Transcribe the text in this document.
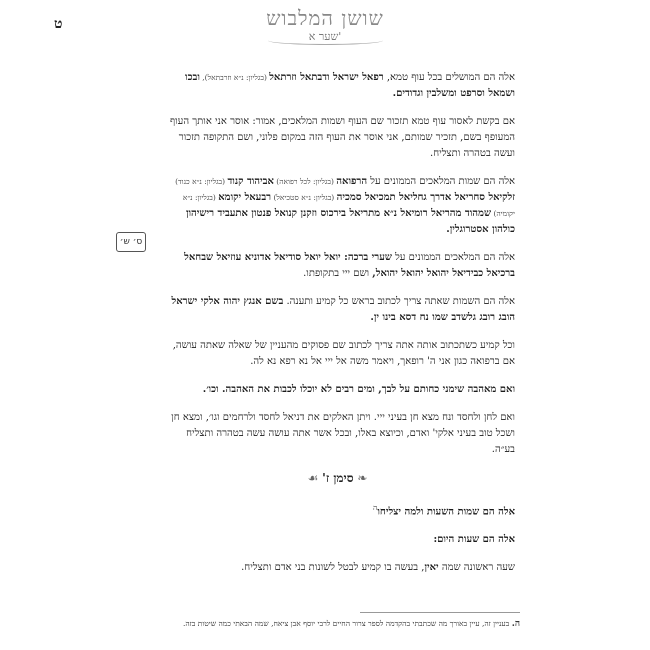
ט	שושן המלבוש
שער א'
ס׳ ש׳

אלה הם המושלים בכל עוף טמא, רפאל ישראל ודבתאל וזרתאל (בגליון: נ״א וזרבתאל), ובכו ושמאל וסרפט ומשלבין וגדודים.

אם בקשת לאסור עוף טמא תזכור שם העוף ושמות המלאכים, אמור: אוסר אני אותך העוף המעופף בשם, תזכיר שמותם, אני אוסר את העוף הזה במקום פלוני, ושם התקופה תזכור ועשה בטהרה ותצליח.

אלה הם שמות המלאכים הממונים על הרפואה (בגליון: לכל רפואה) אביהוד קנוד (בגליון: נ״א כנוד) זלקיאל סחריאל אדרך גחליאל תמכיאל סמכיה (בגליון: נ״א סטכיאל) רבעאל יקומא (בגליון: נ״א יקומיה) שמהוד מהריאל רומיאל נ״א מתריאל בירכוס וזקנן קנואל פנטון אתעביד רישיהון כולהון אסטרוגלין.

אלה הם המלאכים הממונים על שערי ברכה: יואל יואל סודיאל אדוניא עוזיאל שבחאל ברכיאל כבידיאל יהואל יהואל יהואל, ושם ייי בתקופתו.

אלה הם השמות שאתה צריך לכתוב בראש כל קמיע ותענה. בשם אנגץ יהוה אלקי ישראל הובג רובג גלשדב שמו נח דסא בינו ין.

וכל קמיע כשתכתוב אותה אתה צריך לכתוב שם פסוקים מהעניין של שאלה שאתה עושה, אם ברפואה כגון אני ה' רופאך, ויאמר משה אל ייי אל נא רפא נא לה.

ואם מאהבה שימני כחותם על לבך, ומים רבים לא יוכלו לכבות את האהבה. וכו׳.

ואם לחן ולחסד ונח מצא חן בעיני ייי. ויתן האלקים את דניאל לחסד ולרחמים וגו׳, ומצא חן ושכל טוב בעיני אלקי' ואדם, וכיוצא באלו, ובכל אשר אתה עושה עשה בטהרה ותצליח בע״ה.

❧ סימן ז' ☙

אלה הם שמות השעות ולמה יצליחו$^ה$

אלה הם שעות היום:

שעה ראשונה שמה יאין, בעשה בו קמיע לבטל לשונות בני אדם ותצליח.

ה. בעניין זה, עיין באורך מה שכתבתי בהקדמה לספר צרור החיים לרבי יוסף אבן ציאח, שמה הבאתי כמה שיטות בזה.
